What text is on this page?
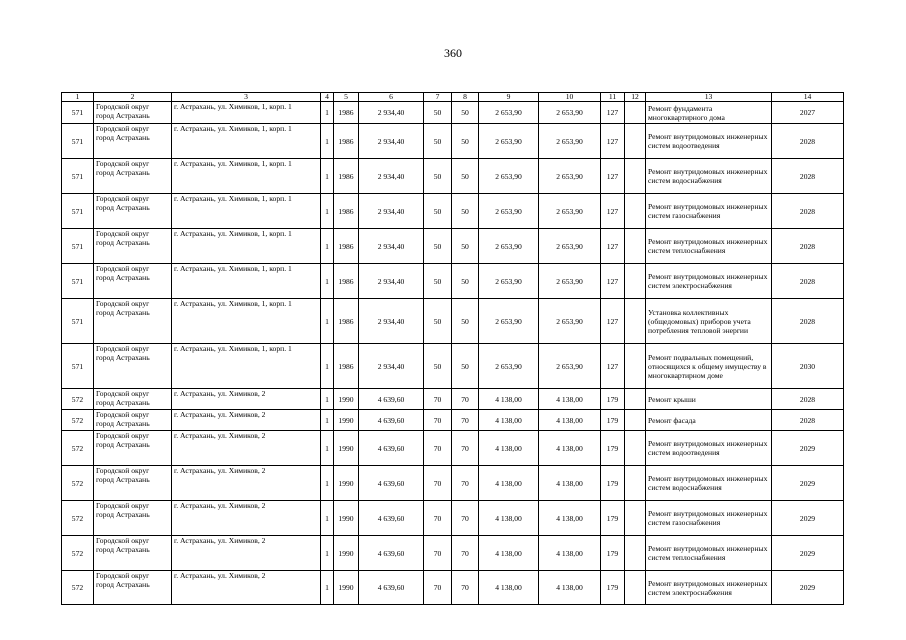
360
1	2	3	4	5	6	7	8	9	10	11	12	13	14
571	Городской округ город Астрахань	г. Астрахань, ул. Химиков, 1, корп. 1	1	1986	2 934,40	50	50	2 653,90	2 653,90	127		Ремонт фундамента многоквартирного дома	2027
571	Городской округ город Астрахань	г. Астрахань, ул. Химиков, 1, корп. 1	1	1986	2 934,40	50	50	2 653,90	2 653,90	127		Ремонт внутридомовых инженерных систем водоотведения	2028
571	Городской округ город Астрахань	г. Астрахань, ул. Химиков, 1, корп. 1	1	1986	2 934,40	50	50	2 653,90	2 653,90	127		Ремонт внутридомовых инженерных систем водоснабжения	2028
571	Городской округ город Астрахань	г. Астрахань, ул. Химиков, 1, корп. 1	1	1986	2 934,40	50	50	2 653,90	2 653,90	127		Ремонт внутридомовых инженерных систем газоснабжения	2028
571	Городской округ город Астрахань	г. Астрахань, ул. Химиков, 1, корп. 1	1	1986	2 934,40	50	50	2 653,90	2 653,90	127		Ремонт внутридомовых инженерных систем теплоснабжения	2028
571	Городской округ город Астрахань	г. Астрахань, ул. Химиков, 1, корп. 1	1	1986	2 934,40	50	50	2 653,90	2 653,90	127		Ремонт внутридомовых инженерных систем электроснабжения	2028
571	Городской округ город Астрахань	г. Астрахань, ул. Химиков, 1, корп. 1	1	1986	2 934,40	50	50	2 653,90	2 653,90	127		Установка коллективных (общедомовых) приборов учета потребления тепловой энергии	2028
571	Городской округ город Астрахань	г. Астрахань, ул. Химиков, 1, корп. 1	1	1986	2 934,40	50	50	2 653,90	2 653,90	127		Ремонт подвальных помещений, относящихся к общему имуществу в многоквартирном доме	2030
572	Городской округ город Астрахань	г. Астрахань, ул. Химиков, 2	1	1990	4 639,60	70	70	4 138,00	4 138,00	179		Ремонт крыши	2028
572	Городской округ город Астрахань	г. Астрахань, ул. Химиков, 2	1	1990	4 639,60	70	70	4 138,00	4 138,00	179		Ремонт фасада	2028
572	Городской округ город Астрахань	г. Астрахань, ул. Химиков, 2	1	1990	4 639,60	70	70	4 138,00	4 138,00	179		Ремонт внутридомовых инженерных систем водоотведения	2029
572	Городской округ город Астрахань	г. Астрахань, ул. Химиков, 2	1	1990	4 639,60	70	70	4 138,00	4 138,00	179		Ремонт внутридомовых инженерных систем водоснабжения	2029
572	Городской округ город Астрахань	г. Астрахань, ул. Химиков, 2	1	1990	4 639,60	70	70	4 138,00	4 138,00	179		Ремонт внутридомовых инженерных систем газоснабжения	2029
572	Городской округ город Астрахань	г. Астрахань, ул. Химиков, 2	1	1990	4 639,60	70	70	4 138,00	4 138,00	179		Ремонт внутридомовых инженерных систем теплоснабжения	2029
572	Городской округ город Астрахань	г. Астрахань, ул. Химиков, 2	1	1990	4 639,60	70	70	4 138,00	4 138,00	179		Ремонт внутридомовых инженерных систем электроснабжения	2029
